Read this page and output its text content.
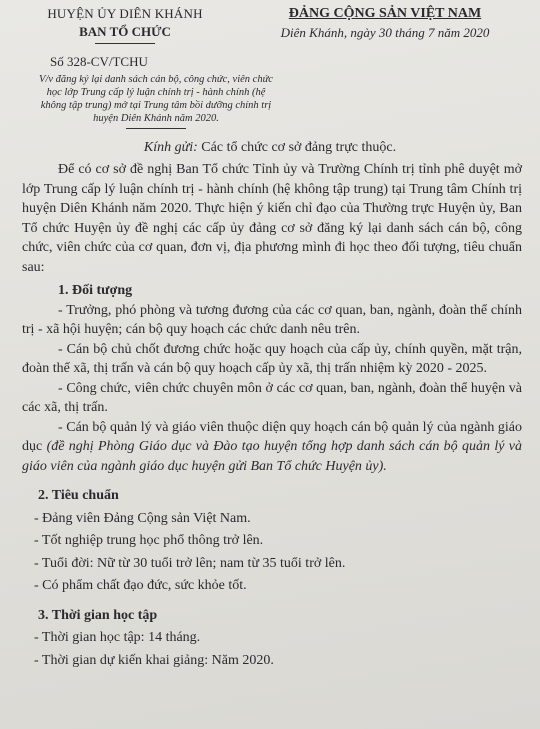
HUYỆN ỦY DIÊN KHÁNH
BAN TỔ CHỨC
ĐẢNG CỘNG SẢN VIỆT NAM
Diên Khánh, ngày 30 tháng 7 năm 2020
Số 328-CV/TCHU
V/v đăng ký lại danh sách cán bộ, công chức, viên chức học lớp Trung cấp lý luận chính trị - hành chính (hệ không tập trung) mở tại Trung tâm bồi dưỡng chính trị huyện Diên Khánh năm 2020.
Kính gửi: Các tổ chức cơ sở đảng trực thuộc.

Để có cơ sở đề nghị Ban Tổ chức Tỉnh ủy và Trường Chính trị tỉnh phê duyệt mở lớp Trung cấp lý luận chính trị - hành chính (hệ không tập trung) tại Trung tâm Chính trị huyện Diên Khánh năm 2020. Thực hiện ý kiến chỉ đạo của Thường trực Huyện ủy, Ban Tổ chức Huyện ủy đề nghị các cấp ủy đảng cơ sở đăng ký lại danh sách cán bộ, công chức, viên chức của cơ quan, đơn vị, địa phương mình đi học theo đối tượng, tiêu chuẩn sau:

1. Đối tượng

- Trưởng, phó phòng và tương đương của các cơ quan, ban, ngành, đoàn thể chính trị - xã hội huyện; cán bộ quy hoạch các chức danh nêu trên.

- Cán bộ chủ chốt đương chức hoặc quy hoạch của cấp ủy, chính quyền, mặt trận, đoàn thể xã, thị trấn và cán bộ quy hoạch cấp ủy xã, thị trấn nhiệm kỳ 2020 - 2025.

- Công chức, viên chức chuyên môn ở các cơ quan, ban, ngành, đoàn thể huyện và các xã, thị trấn.

- Cán bộ quản lý và giáo viên thuộc diện quy hoạch cán bộ quản lý của ngành giáo dục (đề nghị Phòng Giáo dục và Đào tạo huyện tổng hợp danh sách cán bộ quản lý và giáo viên của ngành giáo dục huyện gửi Ban Tổ chức Huyện ủy).

2. Tiêu chuẩn

- Đảng viên Đảng Cộng sản Việt Nam.

- Tốt nghiệp trung học phổ thông trở lên.

- Tuổi đời: Nữ từ 30 tuổi trở lên; nam từ 35 tuổi trở lên.

- Có phẩm chất đạo đức, sức khỏe tốt.

3. Thời gian học tập

- Thời gian học tập: 14 tháng.

- Thời gian dự kiến khai giảng: Năm 2020.
